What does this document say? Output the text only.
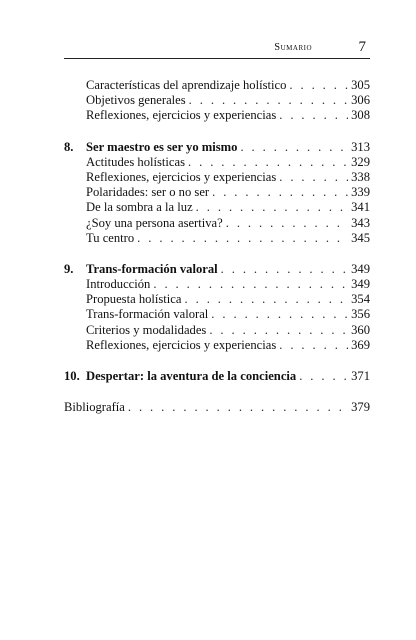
Sumario	7
Características del aprendizaje holístico . . .	305
Objetivos generales . . .	306
Reflexiones, ejercicios y experiencias . . .	308
8. Ser maestro es ser yo mismo . . .	313
Actitudes holísticas . . .	329
Reflexiones, ejercicios y experiencias . . .	338
Polaridades: ser o no ser . . .	339
De la sombra a la luz . . .	341
¿Soy una persona asertiva? . . .	343
Tu centro . . .	345
9. Trans-formación valoral . . .	349
Introducción . . .	349
Propuesta holística . . .	354
Trans-formación valoral . . .	356
Criterios y modalidades . . .	360
Reflexiones, ejercicios y experiencias . . .	369
10. Despertar: la aventura de la conciencia . . .	371
Bibliografía . . .	379
